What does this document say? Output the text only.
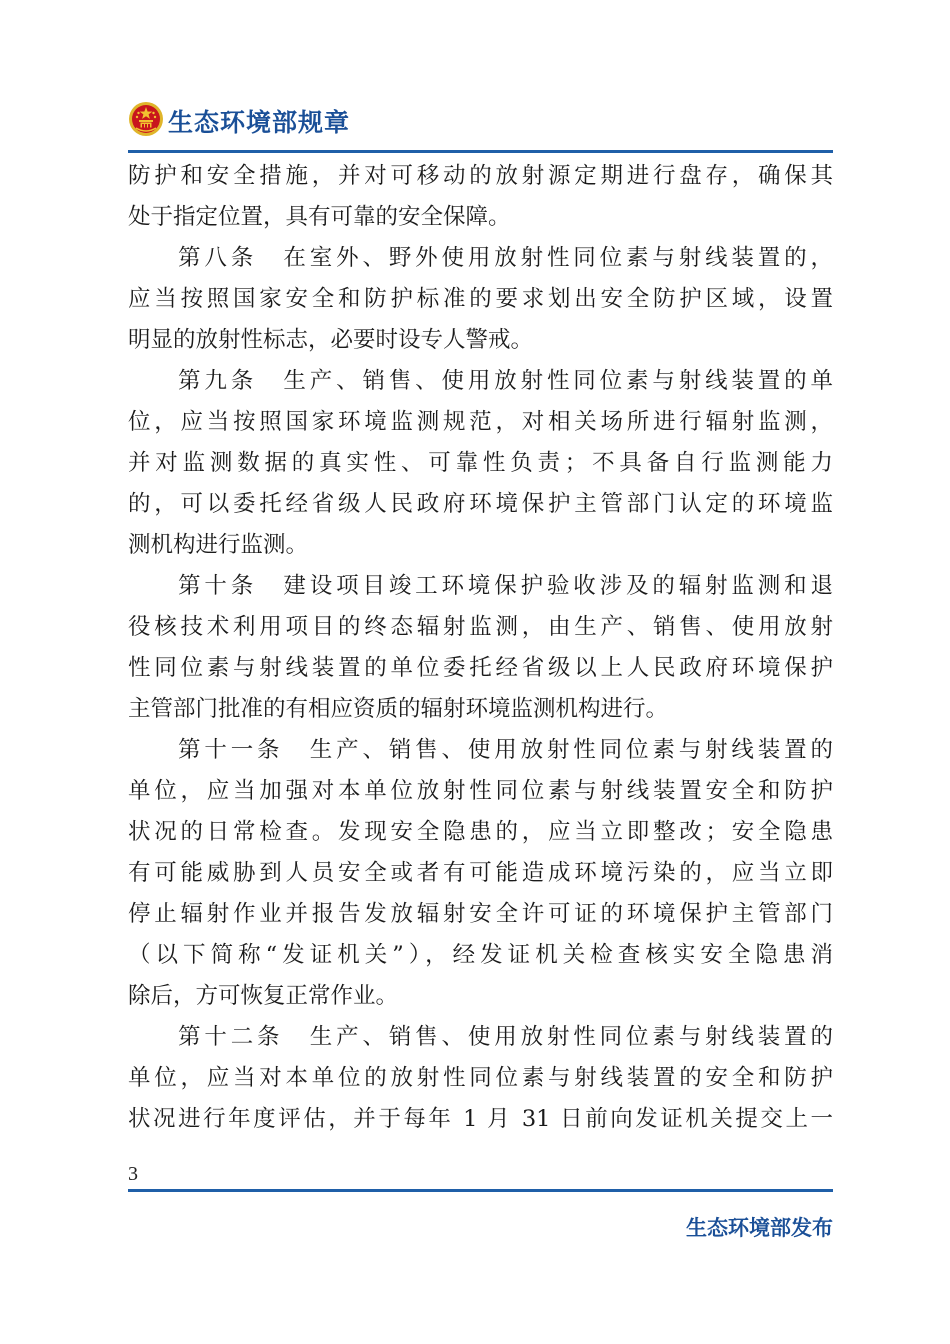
生态环境部规章
防护和安全措施，并对可移动的放射源定期进行盘存，确保其
处于指定位置，具有可靠的安全保障。
第八条　在室外、野外使用放射性同位素与射线装置的，
应当按照国家安全和防护标准的要求划出安全防护区域，设置
明显的放射性标志，必要时设专人警戒。
第九条　生产、销售、使用放射性同位素与射线装置的单
位，应当按照国家环境监测规范，对相关场所进行辐射监测，
并对监测数据的真实性、可靠性负责；不具备自行监测能力
的，可以委托经省级人民政府环境保护主管部门认定的环境监
测机构进行监测。
第十条　建设项目竣工环境保护验收涉及的辐射监测和退
役核技术利用项目的终态辐射监测，由生产、销售、使用放射
性同位素与射线装置的单位委托经省级以上人民政府环境保护
主管部门批准的有相应资质的辐射环境监测机构进行。
第十一条　生产、销售、使用放射性同位素与射线装置的
单位，应当加强对本单位放射性同位素与射线装置安全和防护
状况的日常检查。发现安全隐患的，应当立即整改；安全隐患
有可能威胁到人员安全或者有可能造成环境污染的，应当立即
停止辐射作业并报告发放辐射安全许可证的环境保护主管部门
（以下简称“发证机关”），经发证机关检查核实安全隐患消
除后，方可恢复正常作业。
第十二条　生产、销售、使用放射性同位素与射线装置的
单位，应当对本单位的放射性同位素与射线装置的安全和防护
状况进行年度评估，并于每年 1 月 31 日前向发证机关提交上一
3
生态环境部发布
